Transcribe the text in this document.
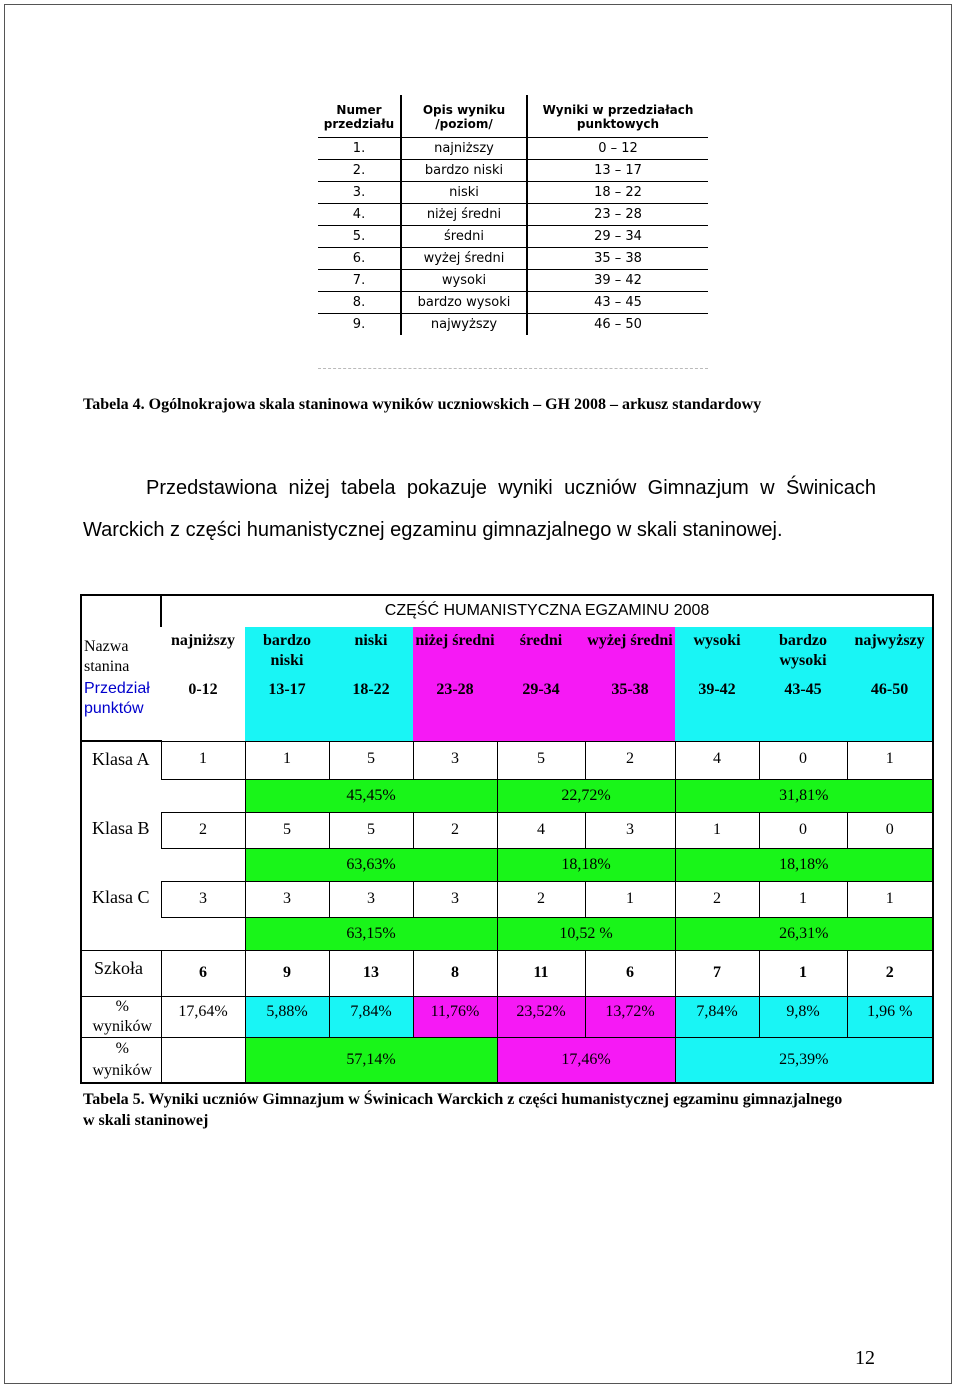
Numer przedziału	Opis wyniku /poziom/	Wyniki w przedziałach punktowych
1.	najniższy	0 – 12
2.	bardzo niski	13 – 17
3.	niski	18 – 22
4.	niżej średni	23 – 28
5.	średni	29 – 34
6.	wyżej średni	35 – 38
7.	wysoki	39 – 42
8.	bardzo wysoki	43 – 45
9.	najwyższy	46 – 50
Tabela 4. Ogólnokrajowa skala staninowa wyników uczniowskich – GH 2008 – arkusz standardowy
Przedstawiona niżej tabela pokazuje wyniki uczniów Gimnazjum w Świnicach Warckich z części humanistycznej egzaminu gimnazjalnego w skali staninowej.
Nazwa stanina	CZĘŚĆ HUMANISTYCZNA EGZAMINU 2008								
	najniższy	bardzo niski	niski	niżej średni	średni	wyżej średni	wysoki	bardzo wysoki	najwyższy
Przedział punktów	0-12	13-17	18-22	23-28	29-34	35-38	39-42	43-45	46-50
Klasa A	1	1	5	3	5	2	4	0	1
		45,45%			22,72%		31,81%		
Klasa B	2	5	5	2	4	3	1	0	0
		63,63%			18,18%		18,18%		
Klasa C	3	3	3	3	2	1	2	1	1
		63,15%			10,52 %		26,31%		
Szkoła	6	9	13	8	11	6	7	1	2
% wyników	17,64%	5,88%	7,84%	11,76%	23,52%	13,72%	7,84%	9,8%	1,96 %
% wyników		57,14%			17,46%		25,39%		
Tabela 5. Wyniki uczniów Gimnazjum w Świnicach Warckich z części humanistycznej egzaminu gimnazjalnego w skali staninowej
12
